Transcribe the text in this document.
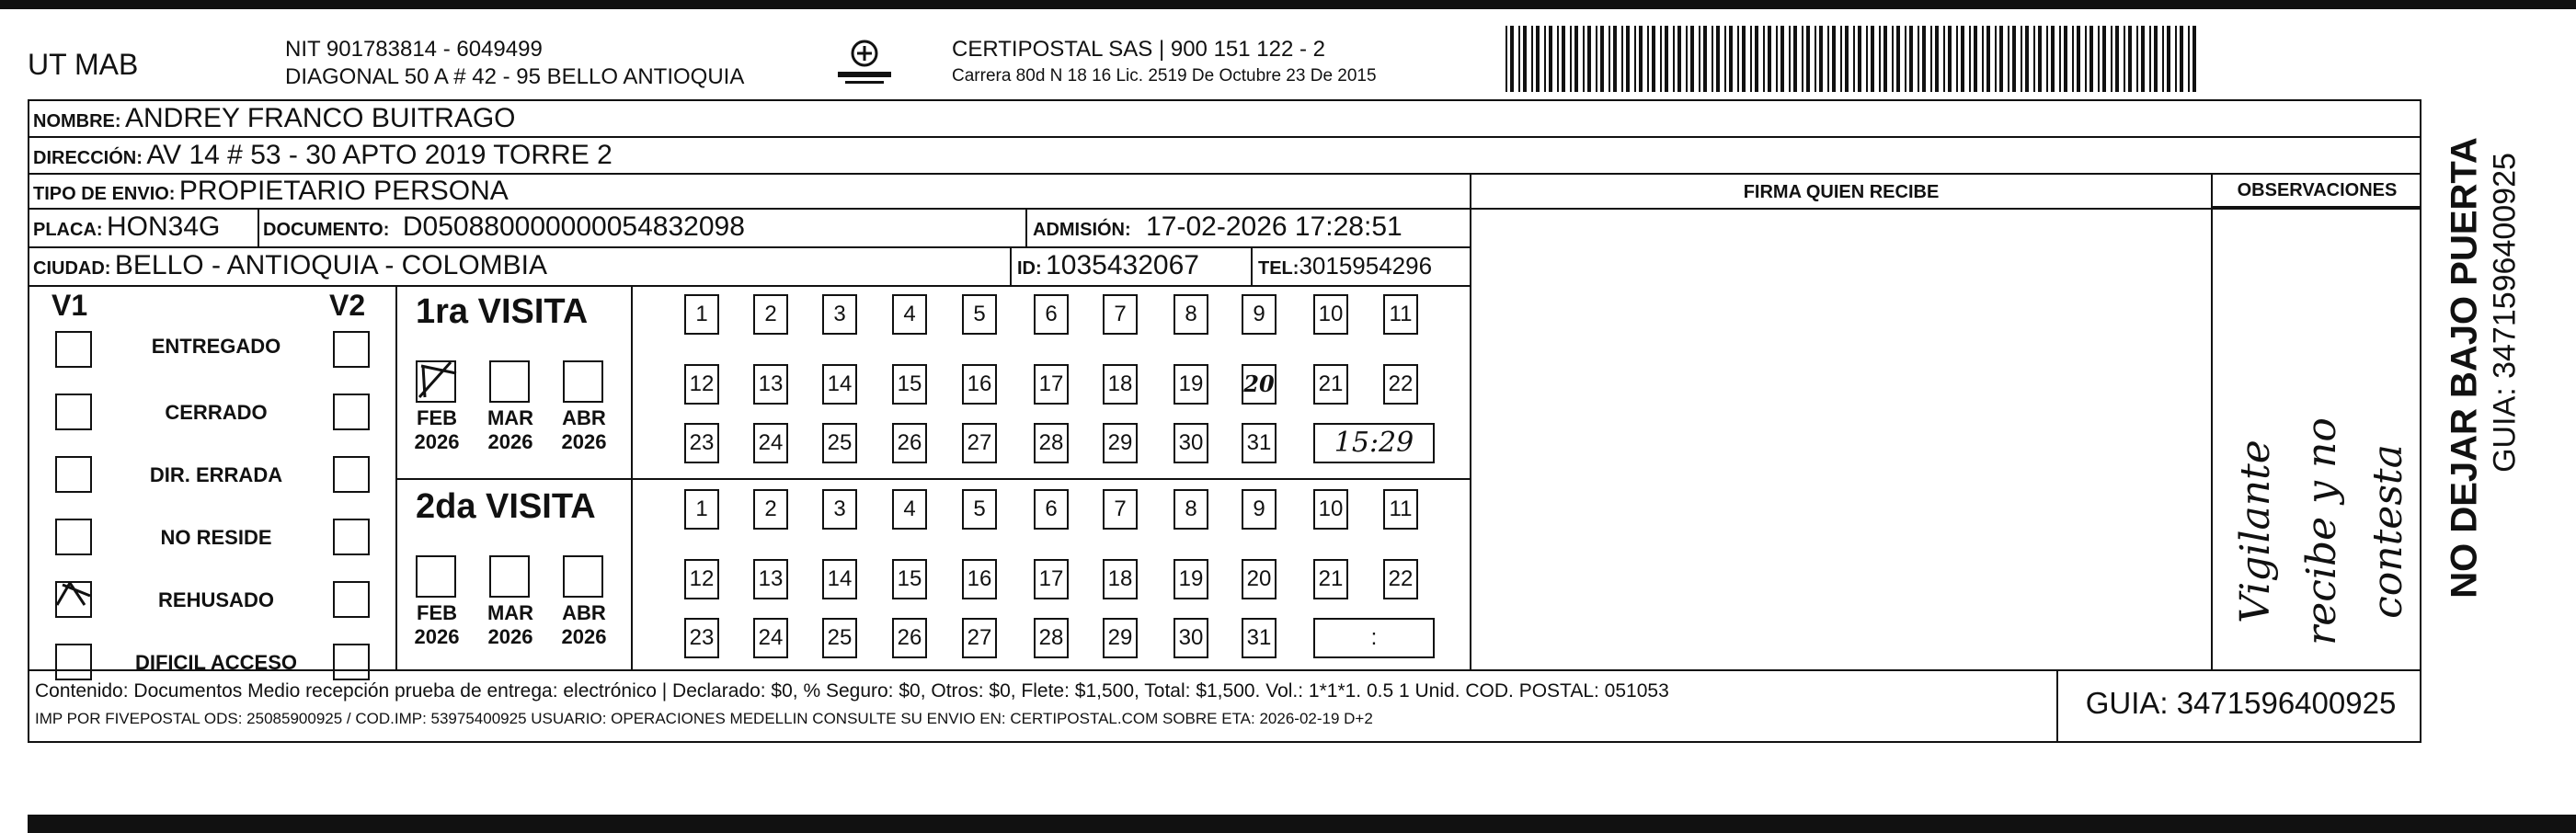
UT MAB	NIT 901783814 - 6049499
DIAGONAL 50 A # 42 - 95 BELLO ANTIOQUIA
CERTIPOSTAL SAS | 900 151 122 - 2
Carrera 80d N 18 16 Lic. 2519 De Octubre 23 De 2015
NOMBRE: ANDREY FRANCO BUITRAGO
DIRECCIÓN: AV 14 # 53 - 30 APTO 2019 TORRE 2
TIPO DE ENVIO: PROPIETARIO PERSONA	FIRMA QUIEN RECIBE	OBSERVACIONES
PLACA: HON34G DOCUMENTO: D050880000000054832098	ADMISIÓN: 17-02-2026 17:28:51
CIUDAD: BELLO - ANTIOQUIA - COLOMBIA	ID: 1035432067	TEL:3015954296
V1	V2
ENTREGADO
CERRADO
DIR. ERRADA
NO RESIDE
REHUSADO
DIFICIL ACCESO
1ra VISITA
2da VISITA
FEB
2026
MAR
2026
ABR
2026
FEB
2026
MAR
2026
ABR
2026
1	2	3	4	5	6	7	8	9	10 11
12 13 14 15 16 17 18 19 20 21 22
23 24 25 26 27 28 29 30 31	15:29
1	2	3	4	5	6	7	8	9	10 11
12 13 14 15 16 17 18 19 20 21 22
23 24 25 26 27 28 29 30 31	:
Vigilante recibe y no contesta
Contenido: Documentos Medio recepción prueba de entrega: electrónico | Declarado: $0, % Seguro: $0, Otros: $0, Flete: $1,500, Total: $1,500. Vol.: 1*1*1. 0.5 1 Unid. COD. POSTAL: 051053
IMP POR FIVEPOSTAL ODS: 25085900925 / COD.IMP: 53975400925 USUARIO: OPERACIONES MEDELLIN CONSULTE SU ENVIO EN: CERTIPOSTAL.COM SOBRE ETA: 2026-02-19 D+2	GUIA: 3471596400925
NO DEJAR BAJO PUERTA GUIA: 3471596400925
